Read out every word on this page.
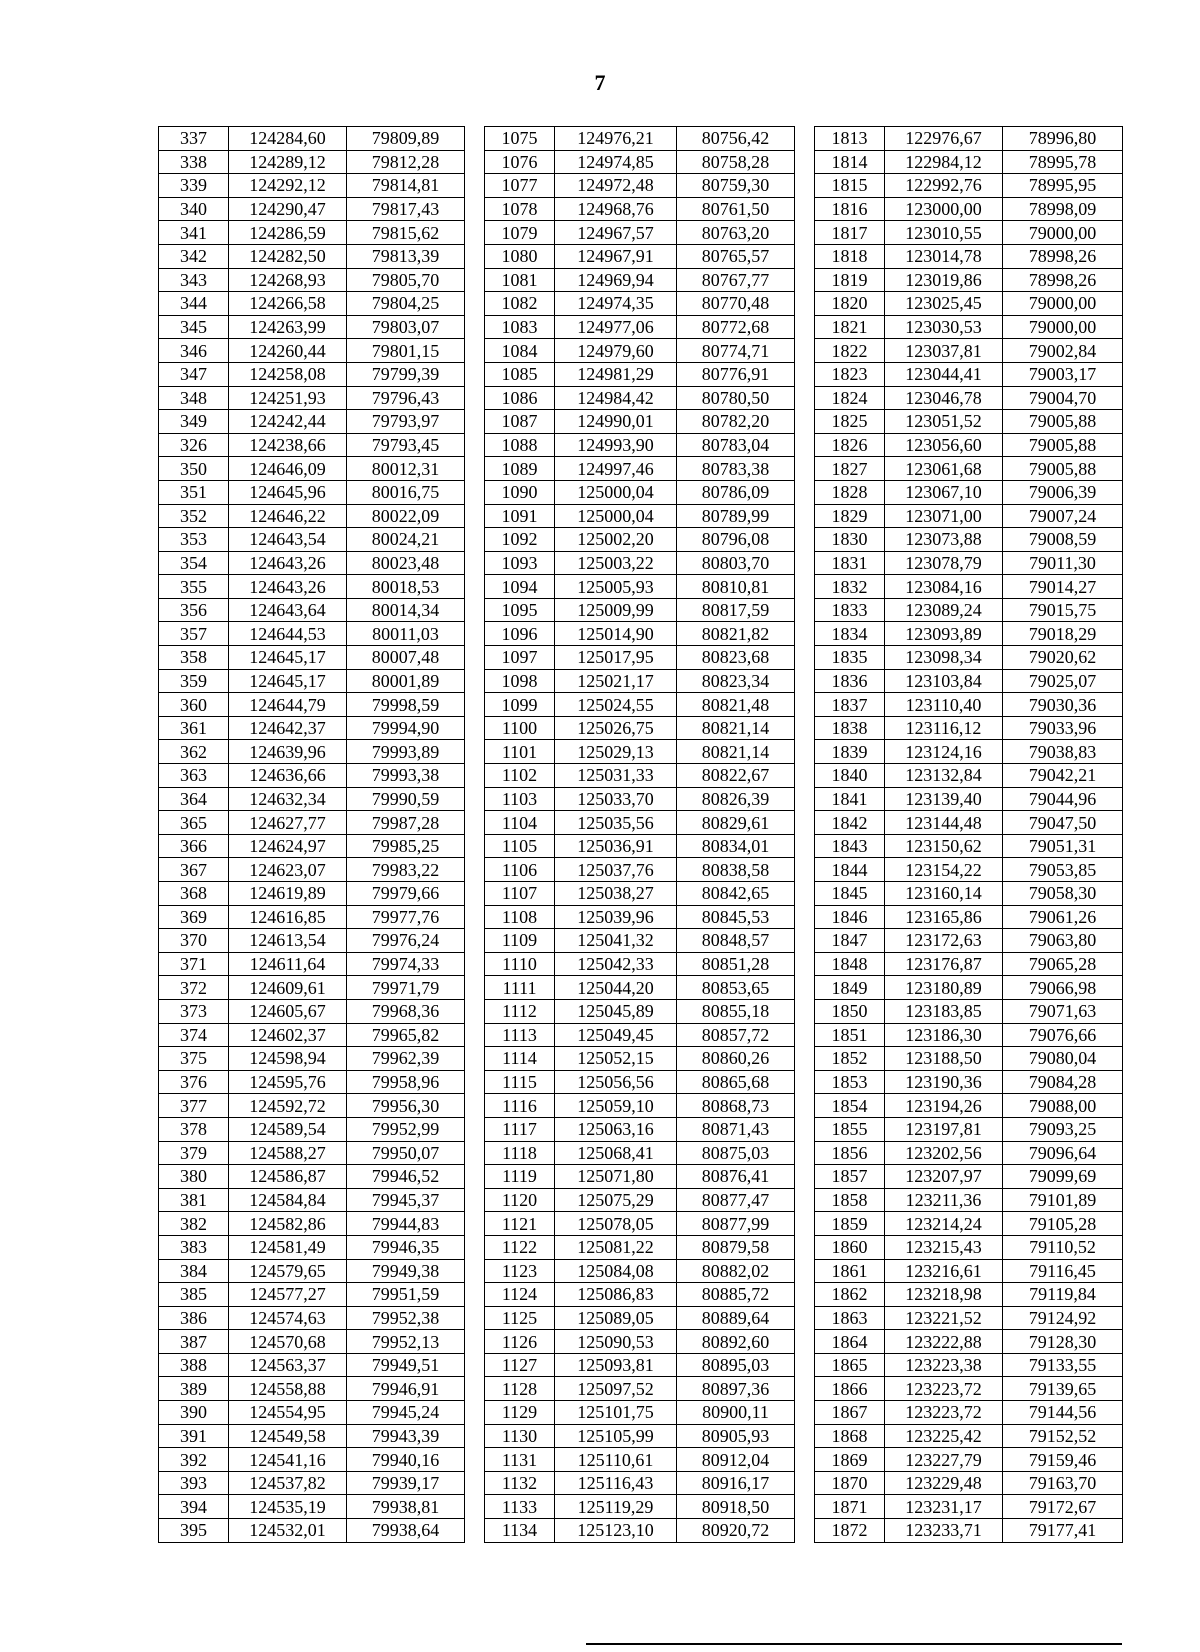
7
337	124284,60	79809,89		1075	124976,21	80756,42		1813	122976,67	78996,80
338	124289,12	79812,28		1076	124974,85	80758,28		1814	122984,12	78995,78
339	124292,12	79814,81		1077	124972,48	80759,30		1815	122992,76	78995,95
340	124290,47	79817,43		1078	124968,76	80761,50		1816	123000,00	78998,09
341	124286,59	79815,62		1079	124967,57	80763,20		1817	123010,55	79000,00
342	124282,50	79813,39		1080	124967,91	80765,57		1818	123014,78	78998,26
343	124268,93	79805,70		1081	124969,94	80767,77		1819	123019,86	78998,26
344	124266,58	79804,25		1082	124974,35	80770,48		1820	123025,45	79000,00
345	124263,99	79803,07		1083	124977,06	80772,68		1821	123030,53	79000,00
346	124260,44	79801,15		1084	124979,60	80774,71		1822	123037,81	79002,84
347	124258,08	79799,39		1085	124981,29	80776,91		1823	123044,41	79003,17
348	124251,93	79796,43		1086	124984,42	80780,50		1824	123046,78	79004,70
349	124242,44	79793,97		1087	124990,01	80782,20		1825	123051,52	79005,88
326	124238,66	79793,45		1088	124993,90	80783,04		1826	123056,60	79005,88
350	124646,09	80012,31		1089	124997,46	80783,38		1827	123061,68	79005,88
351	124645,96	80016,75		1090	125000,04	80786,09		1828	123067,10	79006,39
352	124646,22	80022,09		1091	125000,04	80789,99		1829	123071,00	79007,24
353	124643,54	80024,21		1092	125002,20	80796,08		1830	123073,88	79008,59
354	124643,26	80023,48		1093	125003,22	80803,70		1831	123078,79	79011,30
355	124643,26	80018,53		1094	125005,93	80810,81		1832	123084,16	79014,27
356	124643,64	80014,34		1095	125009,99	80817,59		1833	123089,24	79015,75
357	124644,53	80011,03		1096	125014,90	80821,82		1834	123093,89	79018,29
358	124645,17	80007,48		1097	125017,95	80823,68		1835	123098,34	79020,62
359	124645,17	80001,89		1098	125021,17	80823,34		1836	123103,84	79025,07
360	124644,79	79998,59		1099	125024,55	80821,48		1837	123110,40	79030,36
361	124642,37	79994,90		1100	125026,75	80821,14		1838	123116,12	79033,96
362	124639,96	79993,89		1101	125029,13	80821,14		1839	123124,16	79038,83
363	124636,66	79993,38		1102	125031,33	80822,67		1840	123132,84	79042,21
364	124632,34	79990,59		1103	125033,70	80826,39		1841	123139,40	79044,96
365	124627,77	79987,28		1104	125035,56	80829,61		1842	123144,48	79047,50
366	124624,97	79985,25		1105	125036,91	80834,01		1843	123150,62	79051,31
367	124623,07	79983,22		1106	125037,76	80838,58		1844	123154,22	79053,85
368	124619,89	79979,66		1107	125038,27	80842,65		1845	123160,14	79058,30
369	124616,85	79977,76		1108	125039,96	80845,53		1846	123165,86	79061,26
370	124613,54	79976,24		1109	125041,32	80848,57		1847	123172,63	79063,80
371	124611,64	79974,33		1110	125042,33	80851,28		1848	123176,87	79065,28
372	124609,61	79971,79		1111	125044,20	80853,65		1849	123180,89	79066,98
373	124605,67	79968,36		1112	125045,89	80855,18		1850	123183,85	79071,63
374	124602,37	79965,82		1113	125049,45	80857,72		1851	123186,30	79076,66
375	124598,94	79962,39		1114	125052,15	80860,26		1852	123188,50	79080,04
376	124595,76	79958,96		1115	125056,56	80865,68		1853	123190,36	79084,28
377	124592,72	79956,30		1116	125059,10	80868,73		1854	123194,26	79088,00
378	124589,54	79952,99		1117	125063,16	80871,43		1855	123197,81	79093,25
379	124588,27	79950,07		1118	125068,41	80875,03		1856	123202,56	79096,64
380	124586,87	79946,52		1119	125071,80	80876,41		1857	123207,97	79099,69
381	124584,84	79945,37		1120	125075,29	80877,47		1858	123211,36	79101,89
382	124582,86	79944,83		1121	125078,05	80877,99		1859	123214,24	79105,28
383	124581,49	79946,35		1122	125081,22	80879,58		1860	123215,43	79110,52
384	124579,65	79949,38		1123	125084,08	80882,02		1861	123216,61	79116,45
385	124577,27	79951,59		1124	125086,83	80885,72		1862	123218,98	79119,84
386	124574,63	79952,38		1125	125089,05	80889,64		1863	123221,52	79124,92
387	124570,68	79952,13		1126	125090,53	80892,60		1864	123222,88	79128,30
388	124563,37	79949,51		1127	125093,81	80895,03		1865	123223,38	79133,55
389	124558,88	79946,91		1128	125097,52	80897,36		1866	123223,72	79139,65
390	124554,95	79945,24		1129	125101,75	80900,11		1867	123223,72	79144,56
391	124549,58	79943,39		1130	125105,99	80905,93		1868	123225,42	79152,52
392	124541,16	79940,16		1131	125110,61	80912,04		1869	123227,79	79159,46
393	124537,82	79939,17		1132	125116,43	80916,17		1870	123229,48	79163,70
394	124535,19	79938,81		1133	125119,29	80918,50		1871	123231,17	79172,67
395	124532,01	79938,64		1134	125123,10	80920,72		1872	123233,71	79177,41
